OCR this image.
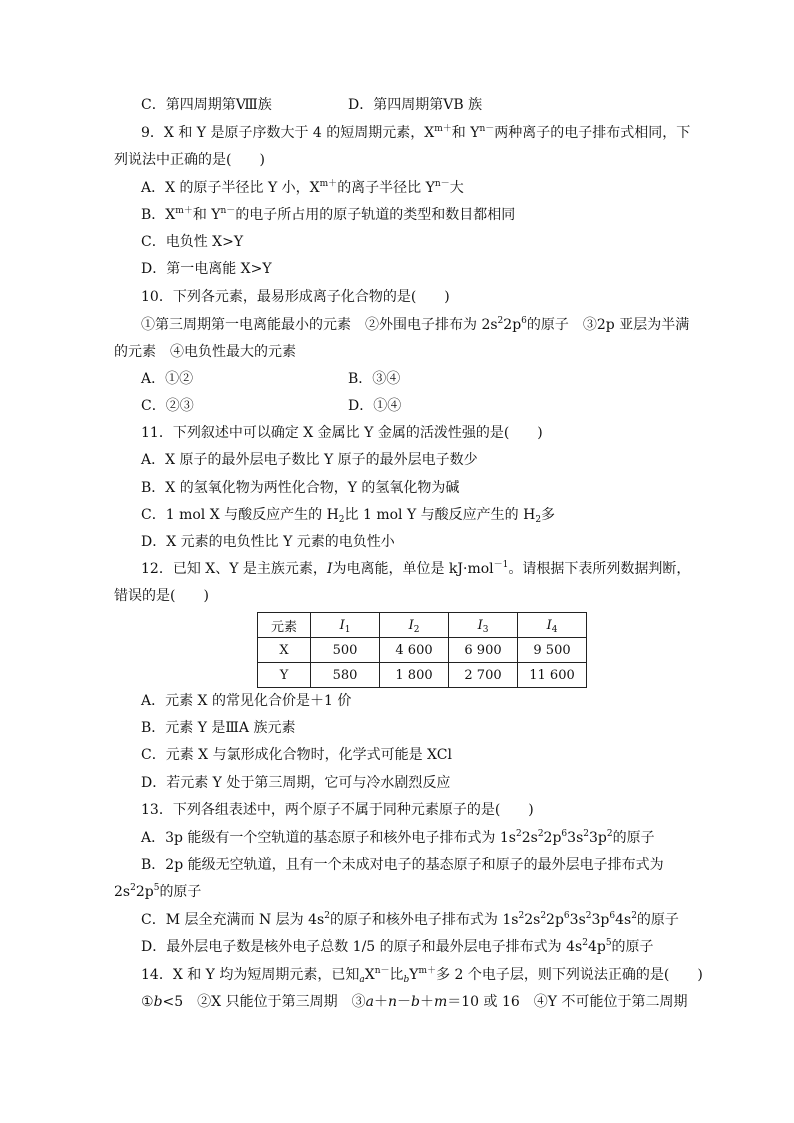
C．第四周期第Ⅷ族	D．第四周期第ⅤB 族
9．X 和 Y 是原子序数大于 4 的短周期元素，$X^{m+}$和 $Y^{n-}$两种离子的电子排布式相同，下
列说法中正确的是(　　)
A．X 的原子半径比 Y 小，$X^{m+}$的离子半径比 $Y^{n-}$大
B．$X^{m+}$和 $Y^{n-}$的电子所占用的原子轨道的类型和数目都相同
C．电负性 X>Y
D．第一电离能 X>Y
10．下列各元素，最易形成离子化合物的是(　　)
①第三周期第一电离能最小的元素　②外围电子排布为 $2s^22p^6$的原子　③2p 亚层为半满
的元素　④电负性最大的元素
A．①②	B．③④
C．②③	D．①④
11．下列叙述中可以确定 X 金属比 Y 金属的活泼性强的是(　　)
A．X 原子的最外层电子数比 Y 原子的最外层电子数少
B．X 的氢氧化物为两性化合物，Y 的氢氧化物为碱
C．1 mol X 与酸反应产生的 $H_2$比 1 mol Y 与酸反应产生的 $H_2$多
D．X 元素的电负性比 Y 元素的电负性小
12．已知 X、Y 是主族元素，I为电离能，单位是 kJ·mol$^{-1}$。请根据下表所列数据判断，
错误的是(　　)
元素	$I_1$	$I_2$	$I_3$	$I_4$
X	500	4 600	6 900	9 500
Y	580	1 800	2 700	11 600
A．元素 X 的常见化合价是＋1 价
B．元素 Y 是ⅢA 族元素
C．元素 X 与氯形成化合物时，化学式可能是 XCl
D．若元素 Y 处于第三周期，它可与冷水剧烈反应
13．下列各组表述中，两个原子不属于同种元素原子的是(　　)
A．3p 能级有一个空轨道的基态原子和核外电子排布式为 $1s^22s^22p^63s^23p^2$的原子
B．2p 能级无空轨道，且有一个未成对电子的基态原子和原子的最外层电子排布式为
$2s^22p^5$的原子
C．M 层全充满而 N 层为 $4s^2$的原子和核外电子排布式为 $1s^22s^22p^63s^23p^64s^2$的原子
D．最外层电子数是核外电子总数 1/5 的原子和最外层电子排布式为 $4s^24p^5$的原子
14．X 和 Y 均为短周期元素，已知$_aX^{n-}$比$_bY^{m+}$多 2 个电子层，则下列说法正确的是(　　)
①b<5　②X 只能位于第三周期　③a＋n－b＋m＝10 或 16　④Y 不可能位于第二周期
